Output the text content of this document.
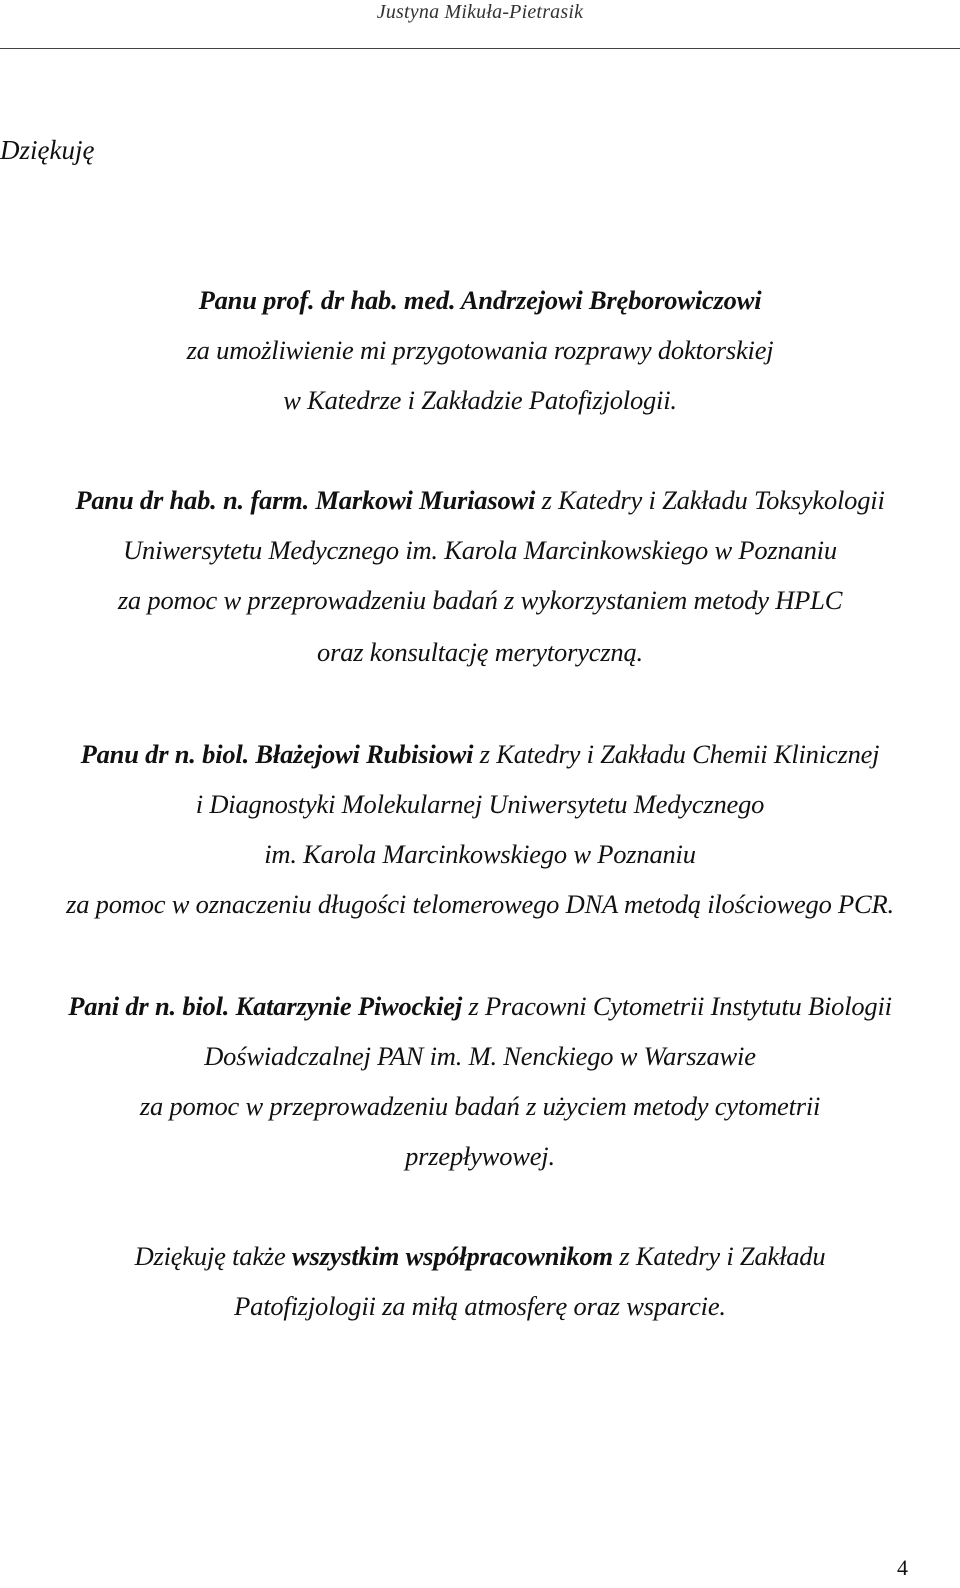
Justyna Mikuła-Pietrasik
Dziękuję
Panu prof. dr hab. med. Andrzejowi Bręborowiczowi
za umożliwienie mi przygotowania rozprawy doktorskiej
w Katedrze i Zakładzie Patofizjologii.
Panu dr hab. n. farm. Markowi Muriasowi z Katedry i Zakładu Toksykologii
Uniwersytetu Medycznego im. Karola Marcinkowskiego w Poznaniu
za pomoc w przeprowadzeniu badań z wykorzystaniem metody HPLC
oraz konsultację merytoryczną.
Panu dr n. biol. Błażejowi Rubisiowi z Katedry i Zakładu Chemii Klinicznej
i Diagnostyki Molekularnej Uniwersytetu Medycznego
im. Karola Marcinkowskiego w Poznaniu
za pomoc w oznaczeniu długości telomerowego DNA metodą ilościowego PCR.
Pani dr n. biol. Katarzynie Piwockiej z Pracowni Cytometrii Instytutu Biologii
Doświadczalnej PAN im. M. Nenckiego w Warszawie
za pomoc w przeprowadzeniu badań z użyciem metody cytometrii
przepływowej.
Dziękuję także wszystkim współpracownikom z Katedry i Zakładu
Patofizjologii za miłą atmosferę oraz wsparcie.
4
